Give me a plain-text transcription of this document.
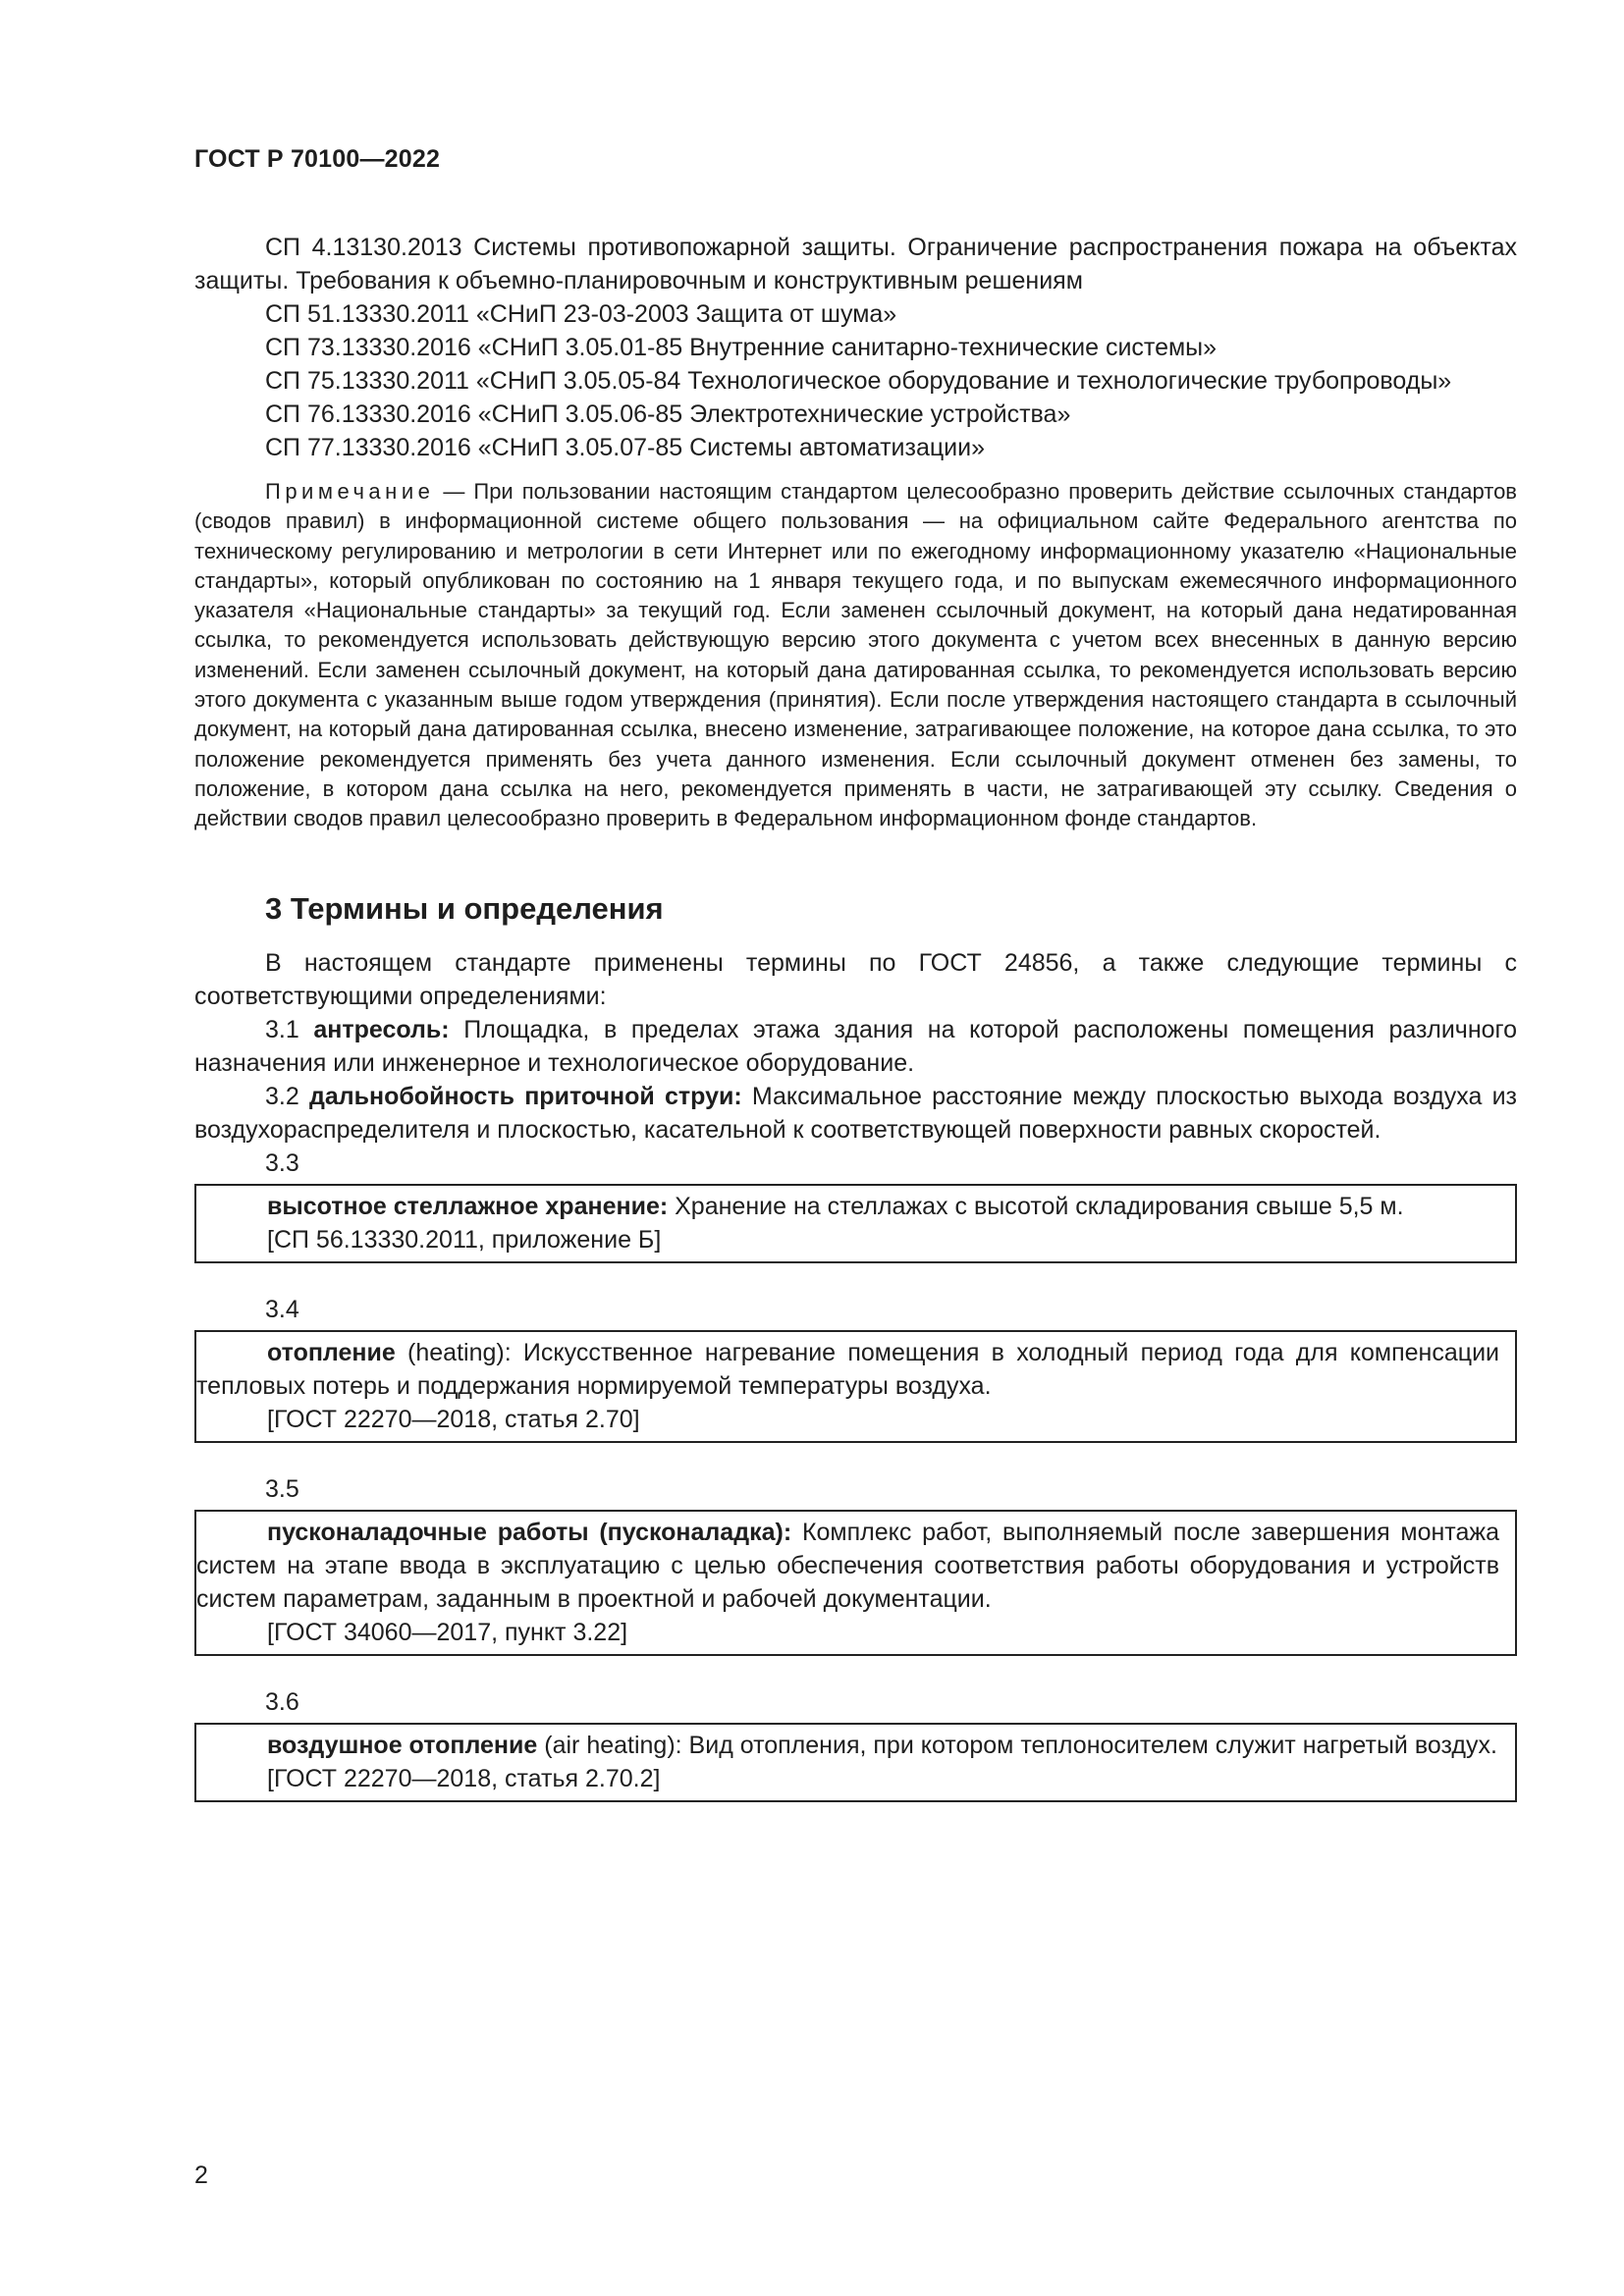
ГОСТ Р 70100—2022

СП 4.13130.2013 Системы противопожарной защиты. Ограничение распространения пожара на объектах защиты. Требования к объемно-планировочным и конструктивным решениям

СП 51.13330.2011 «СНиП 23-03-2003 Защита от шума»

СП 73.13330.2016 «СНиП 3.05.01-85 Внутренние санитарно-технические системы»

СП 75.13330.2011 «СНиП 3.05.05-84 Технологическое оборудование и технологические трубопроводы»

СП 76.13330.2016 «СНиП 3.05.06-85 Электротехнические устройства»

СП 77.13330.2016 «СНиП 3.05.07-85 Системы автоматизации»

Примечание — При пользовании настоящим стандартом целесообразно проверить действие ссылочных стандартов (сводов правил) в информационной системе общего пользования — на официальном сайте Федерального агентства по техническому регулированию и метрологии в сети Интернет или по ежегодному информационному указателю «Национальные стандарты», который опубликован по состоянию на 1 января текущего года, и по выпускам ежемесячного информационного указателя «Национальные стандарты» за текущий год. Если заменен ссылочный документ, на который дана недатированная ссылка, то рекомендуется использовать действующую версию этого документа с учетом всех внесенных в данную версию изменений. Если заменен ссылочный документ, на который дана датированная ссылка, то рекомендуется использовать версию этого документа с указанным выше годом утверждения (принятия). Если после утверждения настоящего стандарта в ссылочный документ, на который дана датированная ссылка, внесено изменение, затрагивающее положение, на которое дана ссылка, то это положение рекомендуется применять без учета данного изменения. Если ссылочный документ отменен без замены, то положение, в котором дана ссылка на него, рекомендуется применять в части, не затрагивающей эту ссылку. Сведения о действии сводов правил целесообразно проверить в Федеральном информационном фонде стандартов.
3 Термины и определения

В настоящем стандарте применены термины по ГОСТ 24856, а также следующие термины с соответствующими определениями:

3.1 антресоль: Площадка, в пределах этажа здания на которой расположены помещения различного назначения или инженерное и технологическое оборудование.

3.2 дальнобойность приточной струи: Максимальное расстояние между плоскостью выхода воздуха из воздухораспределителя и плоскостью, касательной к соответствующей поверхности равных скоростей.

3.3

высотное стеллажное хранение: Хранение на стеллажах с высотой складирования свыше 5,5 м.

[СП 56.13330.2011, приложение Б]

3.4

отопление (heating): Искусственное нагревание помещения в холодный период года для компенсации тепловых потерь и поддержания нормируемой температуры воздуха.

[ГОСТ 22270—2018, статья 2.70]

3.5

пусконаладочные работы (пусконаладка): Комплекс работ, выполняемый после завершения монтажа систем на этапе ввода в эксплуатацию с целью обеспечения соответствия работы оборудования и устройств систем параметрам, заданным в проектной и рабочей документации.

[ГОСТ 34060—2017, пункт 3.22]

3.6

воздушное отопление (air heating): Вид отопления, при котором теплоносителем служит нагретый воздух.

[ГОСТ 22270—2018, статья 2.70.2]

2
